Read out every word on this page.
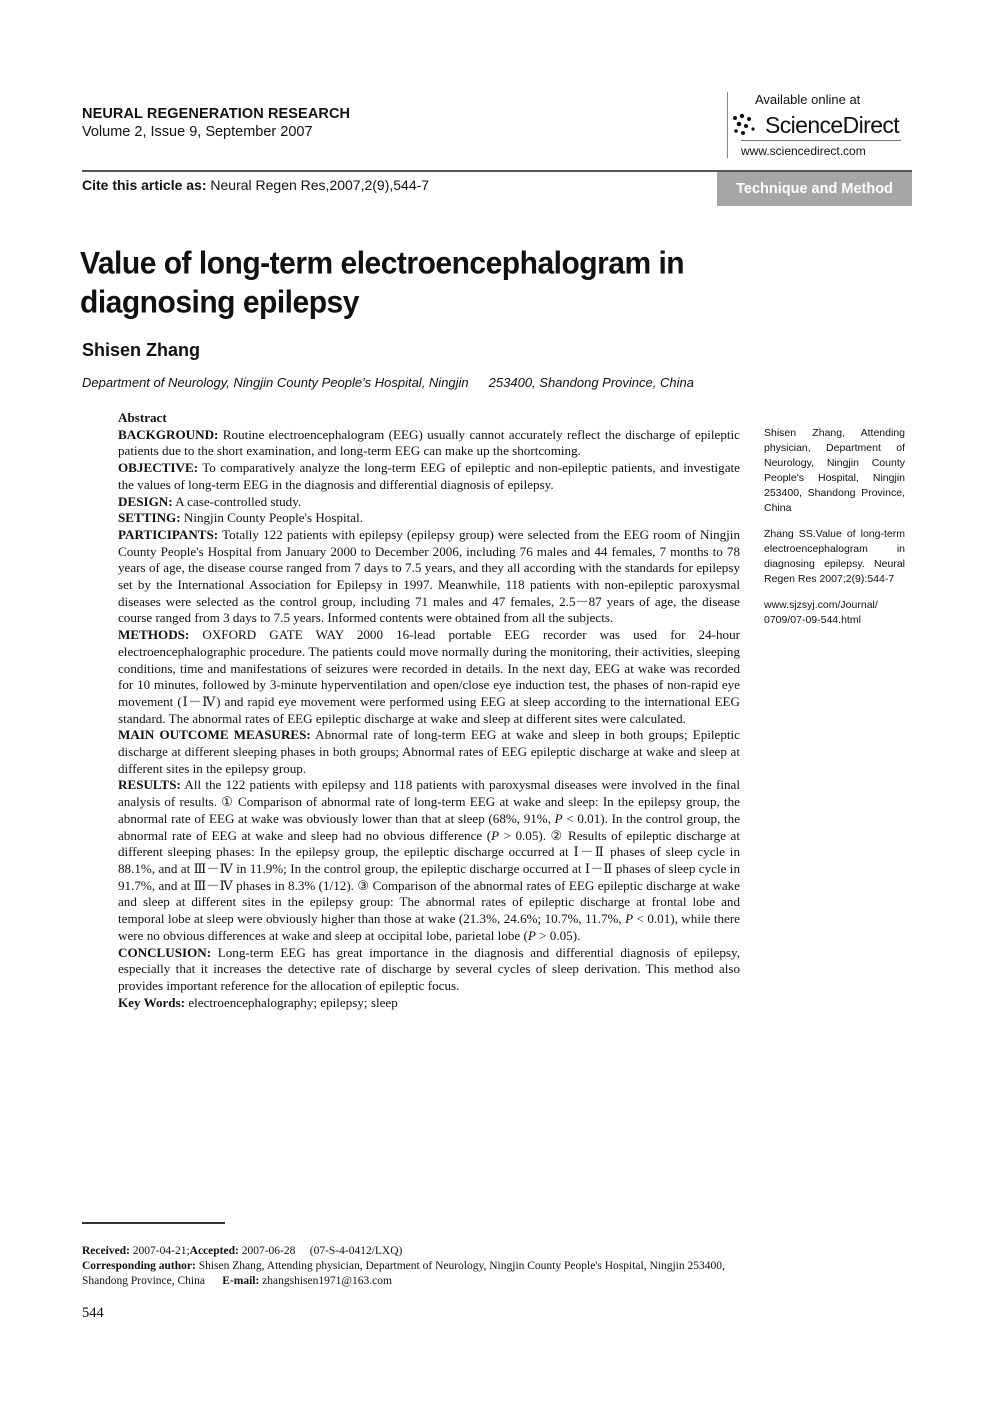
NEURAL REGENERATION RESEARCH
Volume 2, Issue 9, September 2007
Available online at
ScienceDirect
www.sciencedirect.com
Cite this article as: Neural Regen Res,2007,2(9),544-7	Technique and Method
Value of long-term electroencephalogram in diagnosing epilepsy
Shisen Zhang
Department of Neurology, Ningjin County People's Hospital, Ningjin 253400, Shandong Province, China

Abstract

BACKGROUND: Routine electroencephalogram (EEG) usually cannot accurately reflect the discharge of epileptic patients due to the short examination, and long-term EEG can make up the shortcoming.

OBJECTIVE: To comparatively analyze the long-term EEG of epileptic and non-epileptic patients, and investigate the values of long-term EEG in the diagnosis and differential diagnosis of epilepsy.

DESIGN: A case-controlled study.

SETTING: Ningjin County People's Hospital.

PARTICIPANTS: Totally 122 patients with epilepsy (epilepsy group) were selected from the EEG room of Ningjin County People's Hospital from January 2000 to December 2006, including 76 males and 44 females, 7 months to 78 years of age, the disease course ranged from 7 days to 7.5 years, and they all according with the standards for epilepsy set by the International Association for Epilepsy in 1997. Meanwhile, 118 patients with non-epileptic paroxysmal diseases were selected as the control group, including 71 males and 47 females, 2.5－87 years of age, the disease course ranged from 3 days to 7.5 years. Informed contents were obtained from all the subjects.

METHODS: OXFORD GATE WAY 2000 16-lead portable EEG recorder was used for 24-hour electroencephalographic procedure. The patients could move normally during the monitoring, their activities, sleeping conditions, time and manifestations of seizures were recorded in details. In the next day, EEG at wake was recorded for 10 minutes, followed by 3-minute hyperventilation and open/close eye induction test, the phases of non-rapid eye movement (Ⅰ－Ⅳ) and rapid eye movement were performed using EEG at sleep according to the international EEG standard. The abnormal rates of EEG epileptic discharge at wake and sleep at different sites were calculated.

MAIN OUTCOME MEASURES: Abnormal rate of long-term EEG at wake and sleep in both groups; Epileptic discharge at different sleeping phases in both groups; Abnormal rates of EEG epileptic discharge at wake and sleep at different sites in the epilepsy group.

RESULTS: All the 122 patients with epilepsy and 118 patients with paroxysmal diseases were involved in the final analysis of results. ① Comparison of abnormal rate of long-term EEG at wake and sleep: In the epilepsy group, the abnormal rate of EEG at wake was obviously lower than that at sleep (68%, 91%, P < 0.01). In the control group, the abnormal rate of EEG at wake and sleep had no obvious difference (P > 0.05). ② Results of epileptic discharge at different sleeping phases: In the epilepsy group, the epileptic discharge occurred at Ⅰ－Ⅱ phases of sleep cycle in 88.1%, and at Ⅲ－Ⅳ in 11.9%; In the control group, the epileptic discharge occurred at Ⅰ－Ⅱ phases of sleep cycle in 91.7%, and at Ⅲ－Ⅳ phases in 8.3% (1/12). ③ Comparison of the abnormal rates of EEG epileptic discharge at wake and sleep at different sites in the epilepsy group: The abnormal rates of epileptic discharge at frontal lobe and temporal lobe at sleep were obviously higher than those at wake (21.3%, 24.6%; 10.7%, 11.7%, P < 0.01), while there were no obvious differences at wake and sleep at occipital lobe, parietal lobe (P > 0.05).

CONCLUSION: Long-term EEG has great importance in the diagnosis and differential diagnosis of epilepsy, especially that it increases the detective rate of discharge by several cycles of sleep derivation. This method also provides important reference for the allocation of epileptic focus.

Key Words: electroencephalography; epilepsy; sleep

Shisen Zhang, Attending physician, Department of Neurology, Ningjin County People's Hospital, Ningjin 253400, Shandong Province, China

Zhang SS.Value of long-term electroencephalogram in diagnosing epilepsy. Neural Regen Res 2007;2(9):544-7

www.sjzsyj.com/Journal/ 0709/07-09-544.html

Received: 2007-04-21;Accepted: 2007-06-28 (07-S-4-0412/LXQ)

Corresponding author: Shisen Zhang, Attending physician, Department of Neurology, Ningjin County People's Hospital, Ningjin 253400, Shandong Province, China E-mail: zhangshisen1971@163.com

544
